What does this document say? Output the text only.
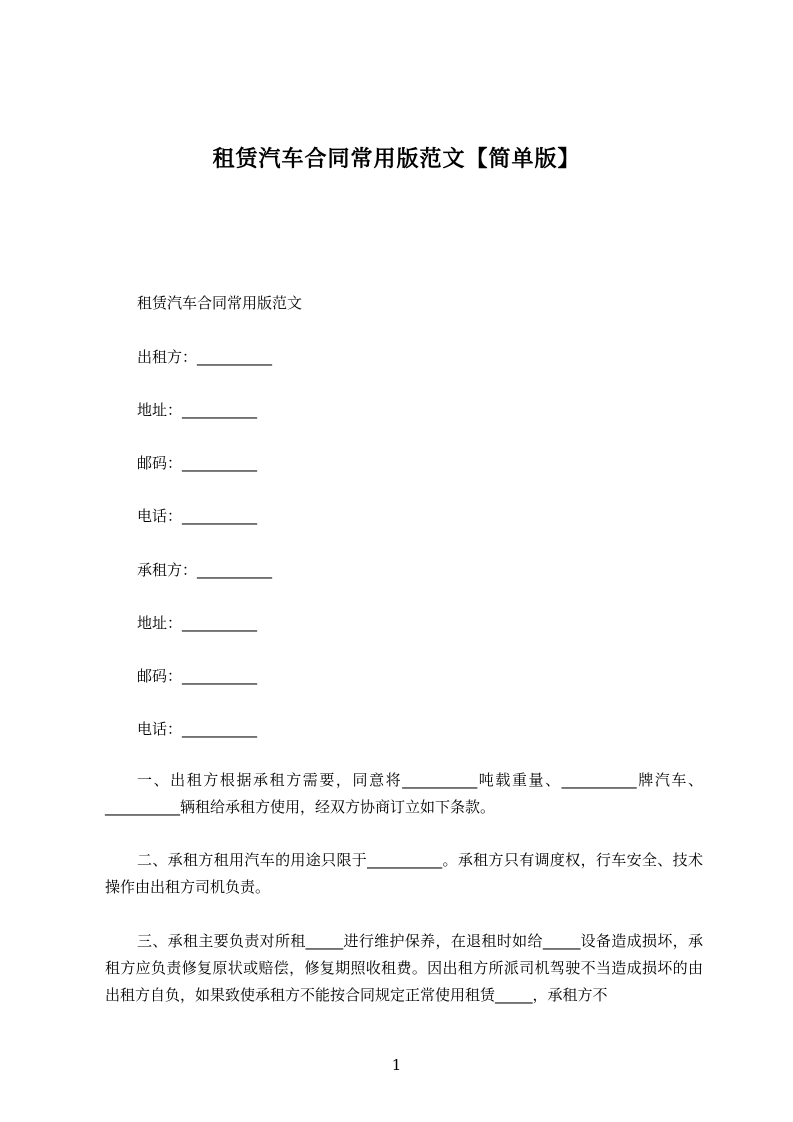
租赁汽车合同常用版范文【简单版】
租赁汽车合同常用版范文
出租方：__________
地址：__________
邮码：__________
电话：__________
承租方：__________
地址：__________
邮码：__________
电话：__________
一、出租方根据承租方需要，同意将__________吨载重量、__________牌汽车、__________辆租给承租方使用，经双方协商订立如下条款。
二、承租方租用汽车的用途只限于__________。承租方只有调度权，行车安全、技术操作由出租方司机负责。
三、承租主要负责对所租_____进行维护保养，在退租时如给_____设备造成损坏，承租方应负责修复原状或赔偿，修复期照收租费。因出租方所派司机驾驶不当造成损坏的由出租方自负，如果致使承租方不能按合同规定正常使用租赁_____，承租方不
1
